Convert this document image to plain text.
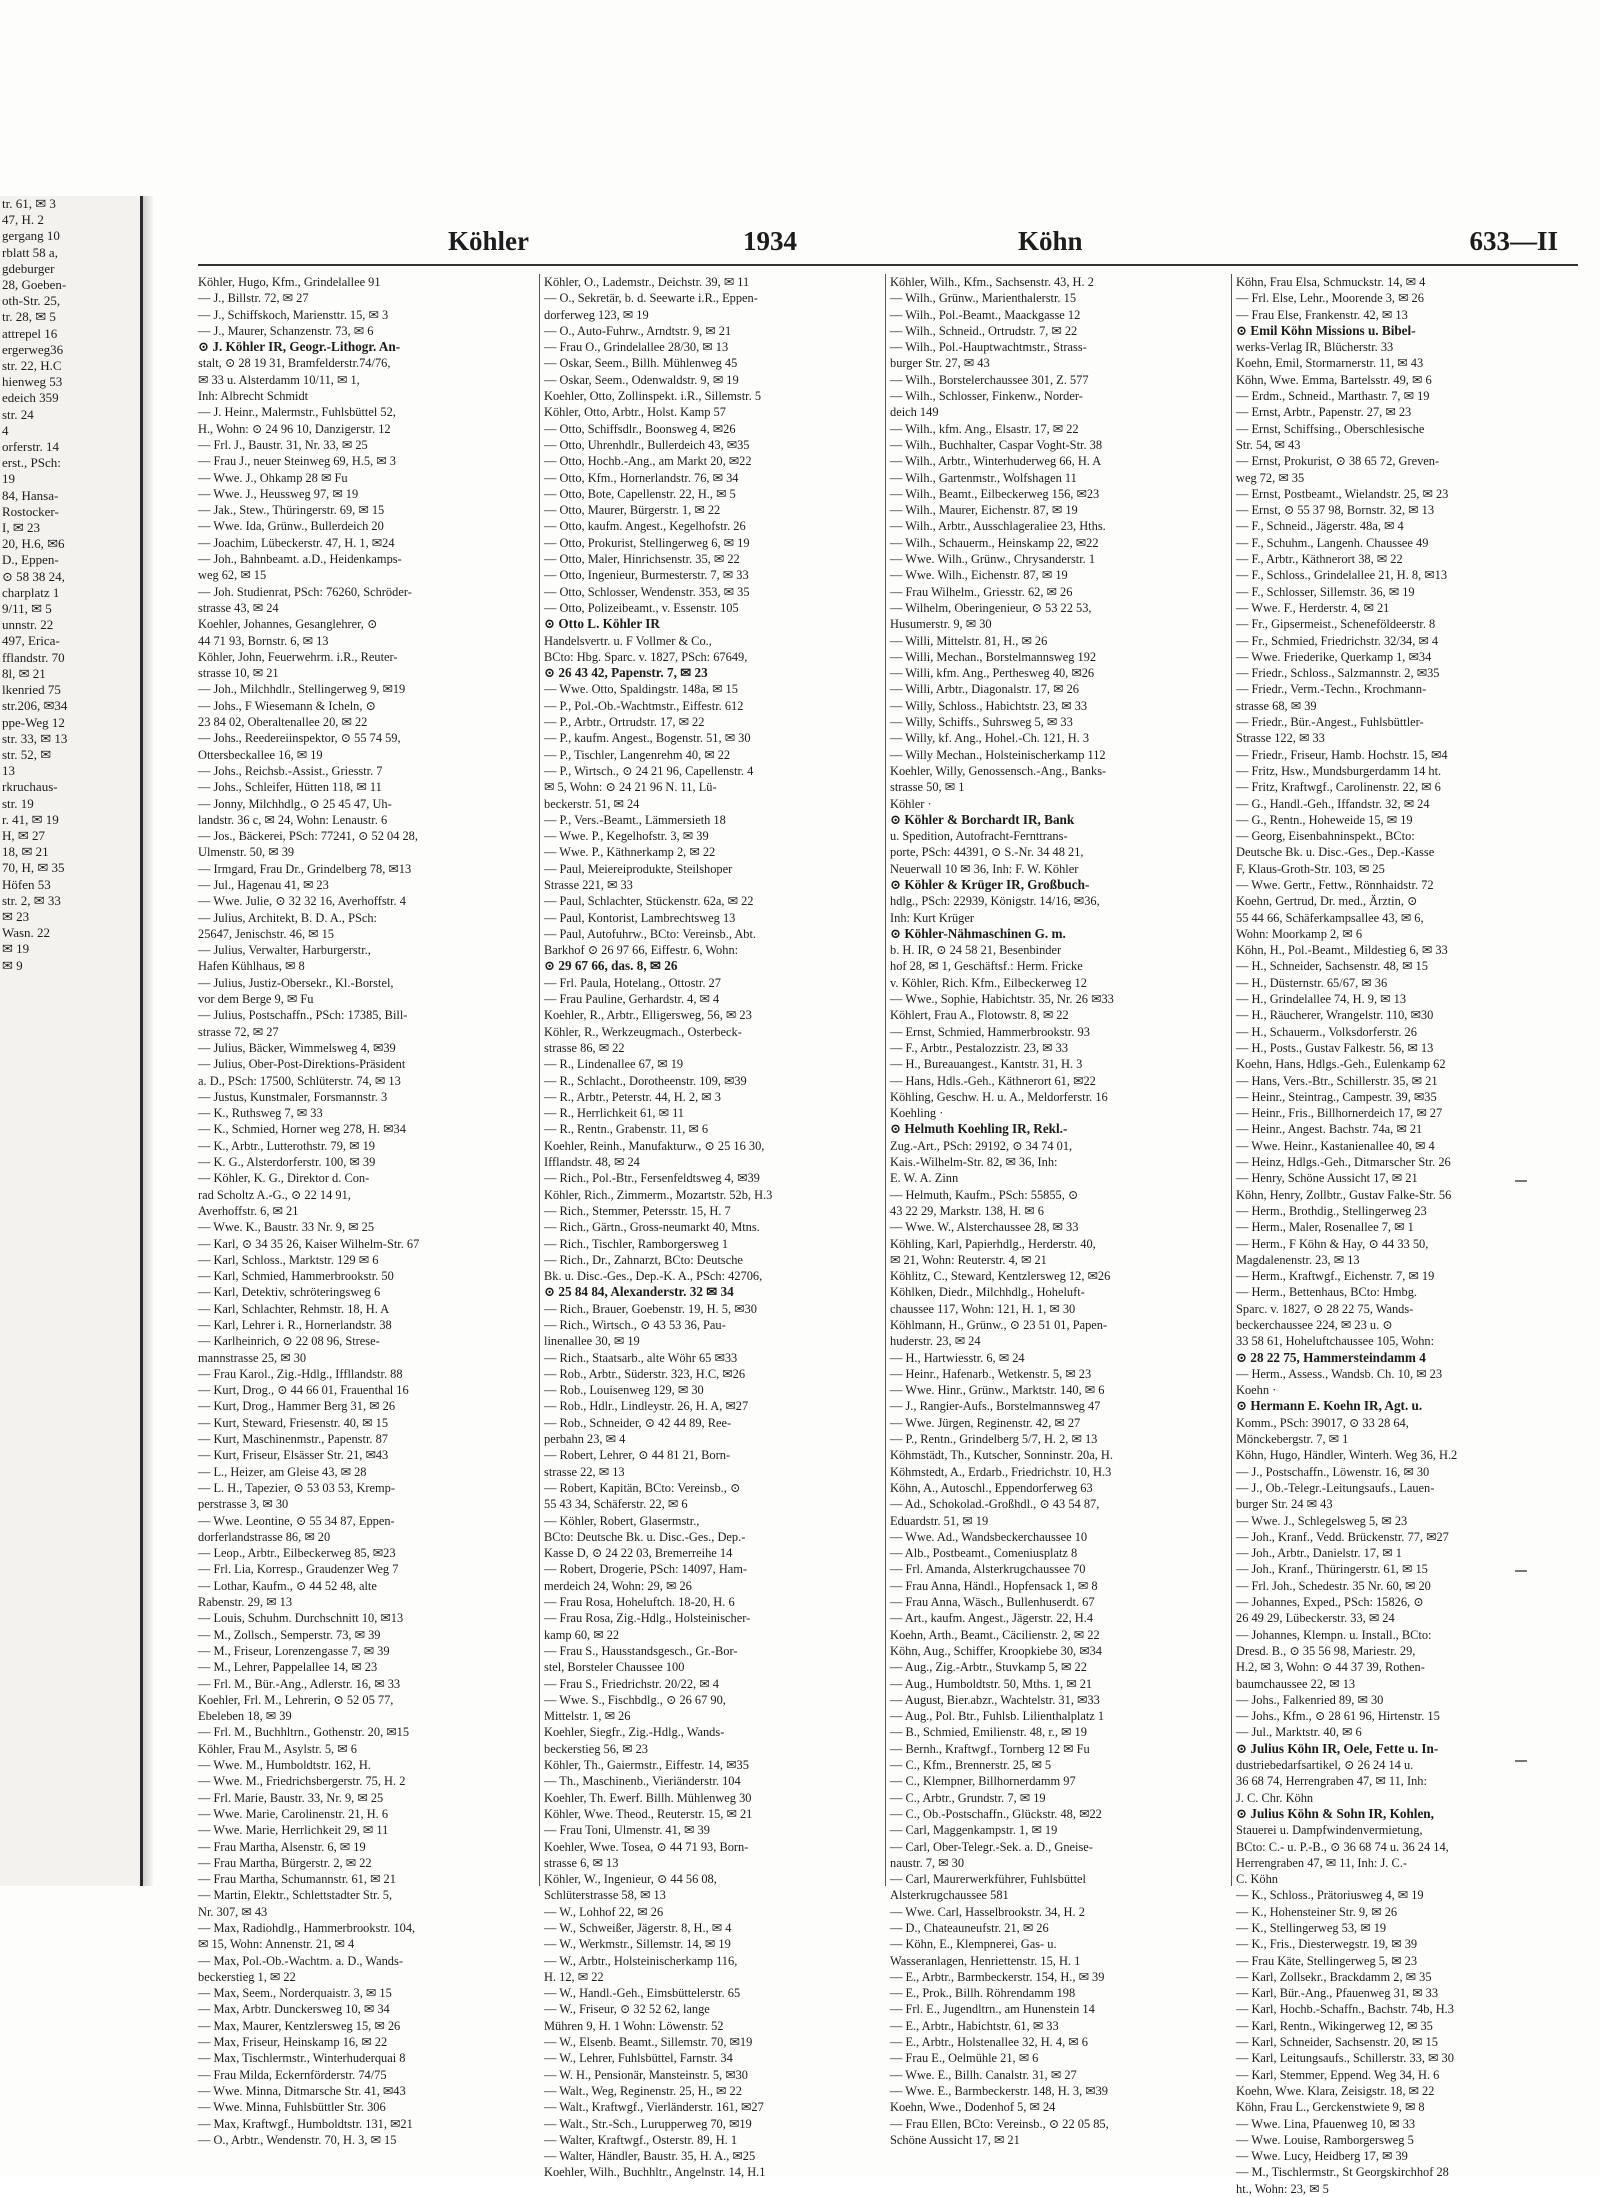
tr. 61, ✉ 3
47, H. 2
gergang 10
rblatt 58 a,
gdeburger
28, Goeben-
oth-Str. 25,
tr. 28, ✉ 5
attrepel 16
ergerweg36
str. 22, H.C
hienweg 53
edeich 359
str. 24
4
orferstr. 14
erst., PSch:
19
84, Hansa-
Rostocker-
I, ✉ 23
20, H.6, ✉6
D., Eppen-
⊙ 58 38 24,
charplatz 1
9/11, ✉ 5
unnstr. 22
497, Erica-
fflandstr. 70
8l, ✉ 21
lkenried 75
str.206, ✉34
ppe-Weg 12
str. 33, ✉ 13
str. 52, ✉
13
rkruchaus-
str. 19
r. 41, ✉ 19
H, ✉ 27
18, ✉ 21
70, H, ✉ 35
Höfen 53
str. 2, ✉ 33
✉ 23
Wasn. 22
✉ 19
✉ 9
Köhler	1934	Köhn	633—II
Köhler, Hugo, Kfm., Grindelallee 91
— J., Billstr. 72, ✉ 27
— J., Schiffskoch, Mariensttr. 15, ✉ 3
— J., Maurer, Schanzenstr. 73, ✉ 6
⊙ J. Köhler IR, Geogr.-Lithogr. An-
stalt, ⊙ 28 19 31, Bramfelderstr.74/76,
✉ 33 u. Alsterdamm 10/11, ✉ 1,
Inh: Albrecht Schmidt
— J. Heinr., Malermstr., Fuhlsbüttel 52,
H., Wohn: ⊙ 24 96 10, Danzigerstr. 12
— Frl. J., Baustr. 31, Nr. 33, ✉ 25
— Frau J., neuer Steinweg 69, H.5, ✉ 3
— Wwe. J., Ohkamp 28 ✉ Fu
— Wwe. J., Heussweg 97, ✉ 19
— Jak., Stew., Thüringerstr. 69, ✉ 15
— Wwe. Ida, Grünw., Bullerdeich 20
— Joachim, Lübeckerstr. 47, H. 1, ✉24
— Joh., Bahnbeamt. a.D., Heidenkamps-
weg 62, ✉ 15
— Joh. Studienrat, PSch: 76260, Schröder-
strasse 43, ✉ 24
Koehler, Johannes, Gesanglehrer, ⊙
44 71 93, Bornstr. 6, ✉ 13
Köhler, John, Feuerwehrm. i.R., Reuter-
strasse 10, ✉ 21
— Joh., Milchhdlr., Stellingerweg 9, ✉19
— Johs., F Wiesemann & Icheln, ⊙
23 84 02, Oberaltenallee 20, ✉ 22
— Johs., Reedereiinspektor, ⊙ 55 74 59,
Ottersbeckallee 16, ✉ 19
— Johs., Reichsb.-Assist., Griesstr. 7
— Johs., Schleifer, Hütten 118, ✉ 11
— Jonny, Milchhdlg., ⊙ 25 45 47, Uh-
landstr. 36 c, ✉ 24, Wohn: Lenaustr. 6
— Jos., Bäckerei, PSch: 77241, ⊙ 52 04 28,
Ulmenstr. 50, ✉ 39
— Irmgard, Frau Dr., Grindelberg 78, ✉13
— Jul., Hagenau 41, ✉ 23
— Wwe. Julie, ⊙ 32 32 16, Averhoffstr. 4
— Julius, Architekt, B. D. A., PSch:
25647, Jenischstr. 46, ✉ 15
— Julius, Verwalter, Harburgerstr.,
Hafen Kühlhaus, ✉ 8
— Julius, Justiz-Obersekr., Kl.-Borstel,
vor dem Berge 9, ✉ Fu
— Julius, Postschaffn., PSch: 17385, Bill-
strasse 72, ✉ 27
— Julius, Bäcker, Wimmelsweg 4, ✉39
— Julius, Ober-Post-Direktions-Präsident
a. D., PSch: 17500, Schlüterstr. 74, ✉ 13
— Justus, Kunstmaler, Forsmannstr. 3
— K., Ruthsweg 7, ✉ 33
— K., Schmied, Horner weg 278, H. ✉34
— K., Arbtr., Lutterothstr. 79, ✉ 19
— K. G., Alsterdorferstr. 100, ✉ 39
— Köhler, K. G., Direktor d. Con-
rad Scholtz A.-G., ⊙ 22 14 91,
Averhoffstr. 6, ✉ 21
— Wwe. K., Baustr. 33 Nr. 9, ✉ 25
— Karl, ⊙ 34 35 26, Kaiser Wilhelm-Str. 67
— Karl, Schloss., Marktstr. 129 ✉ 6
— Karl, Schmied, Hammerbrookstr. 50
— Karl, Detektiv, schröteringsweg 6
— Karl, Schlachter, Rehmstr. 18, H. A
— Karl, Lehrer i. R., Hornerlandstr. 38
— Karlheinrich, ⊙ 22 08 96, Strese-
mannstrasse 25, ✉ 30
— Frau Karol., Zig.-Hdlg., Iffllandstr. 88
— Kurt, Drog., ⊙ 44 66 01, Frauenthal 16
— Kurt, Drog., Hammer Berg 31, ✉ 26
— Kurt, Steward, Friesenstr. 40, ✉ 15
— Kurt, Maschinenmstr., Papenstr. 87
— Kurt, Friseur, Elsässer Str. 21, ✉43
— L., Heizer, am Gleise 43, ✉ 28
— L. H., Tapezier, ⊙ 53 03 53, Kremp-
perstrasse 3, ✉ 30
— Wwe. Leontine, ⊙ 55 34 87, Eppen-
dorferlandstrasse 86, ✉ 20
— Leop., Arbtr., Eilbeckerweg 85, ✉23
— Frl. Lia, Korresp., Graudenzer Weg 7
— Lothar, Kaufm., ⊙ 44 52 48, alte
Rabenstr. 29, ✉ 13
— Louis, Schuhm. Durchschnitt 10, ✉13
— M., Zollsch., Semperstr. 73, ✉ 39
— M., Friseur, Lorenzengasse 7, ✉ 39
— M., Lehrer, Pappelallee 14, ✉ 23
— Frl. M., Bür.-Ang., Adlerstr. 16, ✉ 33
Koehler, Frl. M., Lehrerin, ⊙ 52 05 77,
Ebeleben 18, ✉ 39
— Frl. M., Buchhltrn., Gothenstr. 20, ✉15
Köhler, Frau M., Asylstr. 5, ✉ 6
— Wwe. M., Humboldtstr. 162, H.
— Wwe. M., Friedrichsbergerstr. 75, H. 2
— Frl. Marie, Baustr. 33, Nr. 9, ✉ 25
— Wwe. Marie, Carolinenstr. 21, H. 6
— Wwe. Marie, Herrlichkeit 29, ✉ 11
— Frau Martha, Alsenstr. 6, ✉ 19
— Frau Martha, Bürgerstr. 2, ✉ 22
— Frau Martha, Schumannstr. 61, ✉ 21
— Martin, Elektr., Schlettstadter Str. 5,
Nr. 307, ✉ 43
— Max, Radiohdlg., Hammerbrookstr. 104,
✉ 15, Wohn: Annenstr. 21, ✉ 4
— Max, Pol.-Ob.-Wachtm. a. D., Wands-
beckerstieg 1, ✉ 22
— Max, Seem., Norderquaistr. 3, ✉ 15
— Max, Arbtr. Dunckersweg 10, ✉ 34
— Max, Maurer, Kentzlersweg 15, ✉ 26
— Max, Friseur, Heinskamp 16, ✉ 22
— Max, Tischlermstr., Winterhuderquai 8
— Frau Milda, Eckernförderstr. 74/75
— Wwe. Minna, Ditmarsche Str. 41, ✉43
— Wwe. Minna, Fuhlsbüttler Str. 306
— Max, Kraftwgf., Humboldtstr. 131, ✉21
— O., Arbtr., Wendenstr. 70, H. 3, ✉ 15
Köhler, O., Lademstr., Deichstr. 39, ✉ 11
— O., Sekretär, b. d. Seewarte i.R., Eppen-
dorferweg 123, ✉ 19
— O., Auto-Fuhrw., Arndtstr. 9, ✉ 21
— Frau O., Grindelallee 28/30, ✉ 13
— Oskar, Seem., Billh. Mühlenweg 45
— Oskar, Seem., Odenwaldstr. 9, ✉ 19
Koehler, Otto, Zollinspekt. i.R., Sillemstr. 5
Köhler, Otto, Arbtr., Holst. Kamp 57
— Otto, Schiffsdlr., Boonsweg 4, ✉26
— Otto, Uhrenhdlr., Bullerdeich 43, ✉35
— Otto, Hochb.-Ang., am Markt 20, ✉22
— Otto, Kfm., Hornerlandstr. 76, ✉ 34
— Otto, Bote, Capellenstr. 22, H., ✉ 5
— Otto, Maurer, Bürgerstr. 1, ✉ 22
— Otto, kaufm. Angest., Kegelhofstr. 26
— Otto, Prokurist, Stellingerweg 6, ✉ 19
— Otto, Maler, Hinrichsenstr. 35, ✉ 22
— Otto, Ingenieur, Burmesterstr. 7, ✉ 33
— Otto, Schlosser, Wendenstr. 353, ✉ 35
— Otto, Polizeibeamt., v. Essenstr. 105
⊙ Otto L. Köhler IR
Handelsvertr. u. F Vollmer & Co.,
BCto: Hbg. Sparc. v. 1827, PSch: 67649,
⊙ 26 43 42, Papenstr. 7, ✉ 23
— Wwe. Otto, Spaldingstr. 148a, ✉ 15
— P., Pol.-Ob.-Wachtmstr., Eiffestr. 612
— P., Arbtr., Ortrudstr. 17, ✉ 22
— P., kaufm. Angest., Bogenstr. 51, ✉ 30
— P., Tischler, Langenrehm 40, ✉ 22
— P., Wirtsch., ⊙ 24 21 96, Capellenstr. 4
✉ 5, Wohn: ⊙ 24 21 96 N. 11, Lü-
beckerstr. 51, ✉ 24
— P., Vers.-Beamt., Lämmersieth 18
— Wwe. P., Kegelhofstr. 3, ✉ 39
— Wwe. P., Käthnerkamp 2, ✉ 22
— Paul, Meiereiprodukte, Steilshoper
Strasse 221, ✉ 33
— Paul, Schlachter, Stückenstr. 62a, ✉ 22
— Paul, Kontorist, Lambrechtsweg 13
— Paul, Autofuhrw., BCto: Vereinsb., Abt.
Barkhof ⊙ 26 97 66, Eiffestr. 6, Wohn:
⊙ 29 67 66, das. 8, ✉ 26
— Frl. Paula, Hotelang., Ottostr. 27
— Frau Pauline, Gerhardstr. 4, ✉ 4
Koehler, R., Arbtr., Elligersweg, 56, ✉ 23
Köhler, R., Werkzeugmach., Osterbeck-
strasse 86, ✉ 22
— R., Lindenallee 67, ✉ 19
— R., Schlacht., Dorotheenstr. 109, ✉39
— R., Arbtr., Peterstr. 44, H. 2, ✉ 3
— R., Herrlichkeit 61, ✉ 11
— R., Rentn., Grabenstr. 11, ✉ 6
Koehler, Reinh., Manufakturw., ⊙ 25 16 30,
Ifflandstr. 48, ✉ 24
— Rich., Pol.-Btr., Fersenfeldtsweg 4, ✉39
Köhler, Rich., Zimmerm., Mozartstr. 52b, H.3
— Rich., Stemmer, Petersstr. 15, H. 7
— Rich., Gärtn., Gross-neumarkt 40, Mtns.
— Rich., Tischler, Ramborgersweg 1
— Rich., Dr., Zahnarzt, BCto: Deutsche
Bk. u. Disc.-Ges., Dep.-K. A., PSch: 42706,
⊙ 25 84 84, Alexanderstr. 32 ✉ 34
— Rich., Brauer, Goebenstr. 19, H. 5, ✉30
— Rich., Wirtsch., ⊙ 43 53 36, Pau-
linenallee 30, ✉ 19
— Rich., Staatsarb., alte Wöhr 65 ✉33
— Rob., Arbtr., Süderstr. 323, H.C, ✉26
— Rob., Louisenweg 129, ✉ 30
— Rob., Hdlr., Lindleystr. 26, H. A, ✉27
— Rob., Schneider, ⊙ 42 44 89, Ree-
perbahn 23, ✉ 4
— Robert, Lehrer, ⊙ 44 81 21, Born-
strasse 22, ✉ 13
— Robert, Kapitän, BCto: Vereinsb., ⊙
55 43 34, Schäferstr. 22, ✉ 6
— Köhler, Robert, Glasermstr.,
BCto: Deutsche Bk. u. Disc.-Ges., Dep.-
Kasse D, ⊙ 24 22 03, Bremerreihe 14
— Robert, Drogerie, PSch: 14097, Ham-
merdeich 24, Wohn: 29, ✉ 26
— Frau Rosa, Hoheluftch. 18-20, H. 6
— Frau Rosa, Zig.-Hdlg., Holsteinischer-
kamp 60, ✉ 22
— Frau S., Hausstandsgesch., Gr.-Bor-
stel, Borsteler Chaussee 100
— Frau S., Friedrichstr. 20/22, ✉ 4
— Wwe. S., Fischbdlg., ⊙ 26 67 90,
Mittelstr. 1, ✉ 26
Koehler, Siegfr., Zig.-Hdlg., Wands-
beckerstieg 56, ✉ 23
Köhler, Th., Gaiermstr., Eiffestr. 14, ✉35
— Th., Maschinenb., Vieriänderstr. 104
Koehler, Th. Ewerf. Billh. Mühlenweg 30
Köhler, Wwe. Theod., Reuterstr. 15, ✉ 21
— Frau Toni, Ulmenstr. 41, ✉ 39
Koehler, Wwe. Tosea, ⊙ 44 71 93, Born-
strasse 6, ✉ 13
Köhler, W., Ingenieur, ⊙ 44 56 08,
Schlüterstrasse 58, ✉ 13
— W., Lohhof 22, ✉ 26
— W., Schweißer, Jägerstr. 8, H., ✉ 4
— W., Werkmstr., Sillemstr. 14, ✉ 19
— W., Arbtr., Holsteinischerkamp 116,
H. 12, ✉ 22
— W., Handl.-Geh., Eimsbüttelerstr. 65
— W., Friseur, ⊙ 32 52 62, lange
Mühren 9, H. 1 Wohn: Löwenstr. 52
— W., Elsenb. Beamt., Sillemstr. 70, ✉19
— W., Lehrer, Fuhlsbüttel, Farnstr. 34
— W. H., Pensionär, Mansteinstr. 5, ✉30
— Walt., Weg, Reginenstr. 25, H., ✉ 22
— Walt., Kraftwgf., Vierländerstr. 161, ✉27
— Walt., Str.-Sch., Lurupperweg 70, ✉19
— Walter, Kraftwgf., Osterstr. 89, H. 1
— Walter, Händler, Baustr. 35, H. A., ✉25
Koehler, Wilh., Buchhltr., Angelnstr. 14, H.1
Köhler, Wilh., Kfm., Sachsenstr. 43, H. 2
— Wilh., Grünw., Marienthalerstr. 15
— Wilh., Pol.-Beamt., Maackgasse 12
— Wilh., Schneid., Ortrudstr. 7, ✉ 22
— Wilh., Pol.-Hauptwachtmstr., Strass-
burger Str. 27, ✉ 43
— Wilh., Borstelerchaussee 301, Z. 577
— Wilh., Schlosser, Finkenw., Norder-
deich 149
— Wilh., kfm. Ang., Elsastr. 17, ✉ 22
— Wilh., Buchhalter, Caspar Voght-Str. 38
— Wilh., Arbtr., Winterhuderweg 66, H. A
— Wilh., Gartenmstr., Wolfshagen 11
— Wilh., Beamt., Eilbeckerweg 156, ✉23
— Wilh., Maurer, Eichenstr. 87, ✉ 19
— Wilh., Arbtr., Ausschlageraliee 23, Hths.
— Wilh., Schauerm., Heinskamp 22, ✉22
— Wwe. Wilh., Grünw., Chrysanderstr. 1
— Wwe. Wilh., Eichenstr. 87, ✉ 19
— Frau Wilhelm., Griesstr. 62, ✉ 26
— Wilhelm, Oberingenieur, ⊙ 53 22 53,
Husumerstr. 9, ✉ 30
— Willi, Mittelstr. 81, H., ✉ 26
— Willi, Mechan., Borstelmannsweg 192
— Willi, kfm. Ang., Perthesweg 40, ✉26
— Willi, Arbtr., Diagonalstr. 17, ✉ 26
— Willy, Schloss., Habichtstr. 23, ✉ 33
— Willy, Schiffs., Suhrsweg 5, ✉ 33
— Willy, kf. Ang., Hohel.-Ch. 121, H. 3
— Willy Mechan., Holsteinischerkamp 112
Koehler, Willy, Genossensch.-Ang., Banks-
strasse 50, ✉ 1
Köhler ·
⊙ Köhler & Borchardt IR, Bank
u. Spedition, Autofracht-Fernttrans-
porte, PSch: 44391, ⊙ S.-Nr. 34 48 21,
Neuerwall 10 ✉ 36, Inh: F. W. Köhler
⊙ Köhler & Krüger IR, Großbuch-
hdlg., PSch: 22939, Königstr. 14/16, ✉36,
Inh: Kurt Krüger
⊙ Köhler-Nähmaschinen G. m.
b. H. IR, ⊙ 24 58 21, Besenbinder
hof 28, ✉ 1, Geschäftsf.: Herm. Fricke
v. Köhler, Rich. Kfm., Eilbeckerweg 12
— Wwe., Sophie, Habichtstr. 35, Nr. 26 ✉33
Köhlert, Frau A., Flotowstr. 8, ✉ 22
— Ernst, Schmied, Hammerbrookstr. 93
— F., Arbtr., Pestalozzistr. 23, ✉ 33
— H., Bureauangest., Kantstr. 31, H. 3
— Hans, Hdls.-Geh., Käthnerort 61, ✉22
Köhling, Geschw. H. u. A., Meldorferstr. 16
Koehling ·
⊙ Helmuth Koehling IR, Rekl.-
Zug.-Art., PSch: 29192, ⊙ 34 74 01,
Kais.-Wilhelm-Str. 82, ✉ 36, Inh:
E. W. A. Zinn
— Helmuth, Kaufm., PSch: 55855, ⊙
43 22 29, Markstr. 138, H. ✉ 6
— Wwe. W., Alsterchaussee 28, ✉ 33
Köhling, Karl, Papierhdlg., Herderstr. 40,
✉ 21, Wohn: Reuterstr. 4, ✉ 21
Köhlitz, C., Steward, Kentzlersweg 12, ✉26
Köhlken, Diedr., Milchhdlg., Hoheluft-
chaussee 117, Wohn: 121, H. 1, ✉ 30
Köhlmann, H., Grünw., ⊙ 23 51 01, Papen-
huderstr. 23, ✉ 24
— H., Hartwiesstr. 6, ✉ 24
— Heinr., Hafenarb., Wetkenstr. 5, ✉ 23
— Wwe. Hinr., Grünw., Marktstr. 140, ✉ 6
— J., Rangier-Aufs., Borstelmannsweg 47
— Wwe. Jürgen, Reginenstr. 42, ✉ 27
— P., Rentn., Grindelberg 5/7, H. 2, ✉ 13
Köhmstädt, Th., Kutscher, Sonninstr. 20a, H.
Köhmstedt, A., Erdarb., Friedrichstr. 10, H.3
Köhn, A., Autoschl., Eppendorferweg 63
— Ad., Schokolad.-Großhdl., ⊙ 43 54 87,
Eduardstr. 51, ✉ 19
— Wwe. Ad., Wandsbeckerchaussee 10
— Alb., Postbeamt., Comeniusplatz 8
— Frl. Amanda, Alsterkrugchaussee 70
— Frau Anna, Händl., Hopfensack 1, ✉ 8
— Frau Anna, Wäsch., Bullenhuserdt. 67
— Art., kaufm. Angest., Jägerstr. 22, H.4
Koehn, Arth., Beamt., Cäcilienstr. 2, ✉ 22
Köhn, Aug., Schiffer, Kroopkiebe 30, ✉34
— Aug., Zig.-Arbtr., Stuvkamp 5, ✉ 22
— Aug., Humboldtstr. 50, Mths. 1, ✉ 21
— August, Bier.abzr., Wachtelstr. 31, ✉33
— Aug., Pol. Btr., Fuhlsb. Lilienthalplatz 1
— B., Schmied, Emilienstr. 48, r., ✉ 19
— Bernh., Kraftwgf., Tornberg 12 ✉ Fu
— C., Kfm., Brennerstr. 25, ✉ 5
— C., Klempner, Billhornerdamm 97
— C., Arbtr., Grundstr. 7, ✉ 19
— C., Ob.-Postschaffn., Glückstr. 48, ✉22
— Carl, Maggenkampstr. 1, ✉ 19
— Carl, Ober-Telegr.-Sek. a. D., Gneise-
naustr. 7, ✉ 30
— Carl, Maurerwerkführer, Fuhlsbüttel
Alsterkrugchaussee 581
— Wwe. Carl, Hasselbrookstr. 34, H. 2
— D., Chateauneufstr. 21, ✉ 26
— Köhn, E., Klempnerei, Gas- u.
Wasseranlagen, Henriettenstr. 15, H. 1
— E., Arbtr., Barmbeckerstr. 154, H., ✉ 39
— E., Prok., Billh. Röhrendamm 198
— Frl. E., Jugendltrn., am Hunenstein 14
— E., Arbtr., Habichtstr. 61, ✉ 33
— E., Arbtr., Holstenallee 32, H. 4, ✉ 6
— Frau E., Oelmühle 21, ✉ 6
— Wwe. E., Billh. Canalstr. 31, ✉ 27
— Wwe. E., Barmbeckerstr. 148, H. 3, ✉39
Koehn, Wwe., Dodenhof 5, ✉ 24
— Frau Ellen, BCto: Vereinsb., ⊙ 22 05 85,
Schöne Aussicht 17, ✉ 21
Köhn, Frau Elsa, Schmuckstr. 14, ✉ 4
— Frl. Else, Lehr., Moorende 3, ✉ 26
— Frau Else, Frankenstr. 42, ✉ 13
⊙ Emil Köhn Missions u. Bibel-
werks-Verlag IR, Blücherstr. 33
Koehn, Emil, Stormarnerstr. 11, ✉ 43
Köhn, Wwe. Emma, Bartelsstr. 49, ✉ 6
— Erdm., Schneid., Marthastr. 7, ✉ 19
— Ernst, Arbtr., Papenstr. 27, ✉ 23
— Ernst, Schiffsing., Oberschlesische
Str. 54, ✉ 43
— Ernst, Prokurist, ⊙ 38 65 72, Greven-
weg 72, ✉ 35
— Ernst, Postbeamt., Wielandstr. 25, ✉ 23
— Ernst, ⊙ 55 37 98, Bornstr. 32, ✉ 13
— F., Schneid., Jägerstr. 48a, ✉ 4
— F., Schuhm., Langenh. Chaussee 49
— F., Arbtr., Käthnerort 38, ✉ 22
— F., Schloss., Grindelallee 21, H. 8, ✉13
— F., Schlosser, Sillemstr. 36, ✉ 19
— Wwe. F., Herderstr. 4, ✉ 21
— Fr., Gipsermeist., Scheneföldeerstr. 8
— Fr., Schmied, Friedrichstr. 32/34, ✉ 4
— Wwe. Friederike, Querkamp 1, ✉34
— Friedr., Schloss., Salzmannstr. 2, ✉35
— Friedr., Verm.-Techn., Krochmann-
strasse 68, ✉ 39
— Friedr., Bür.-Angest., Fuhlsbüttler-
Strasse 122, ✉ 33
— Friedr., Friseur, Hamb. Hochstr. 15, ✉4
— Fritz, Hsw., Mundsburgerdamm 14 ht.
— Fritz, Kraftwgf., Carolinenstr. 22, ✉ 6
— G., Handl.-Geh., Iffandstr. 32, ✉ 24
— G., Rentn., Hoheweide 15, ✉ 19
— Georg, Eisenbahninspekt., BCto:
Deutsche Bk. u. Disc.-Ges., Dep.-Kasse
F, Klaus-Groth-Str. 103, ✉ 25
— Wwe. Gertr., Fettw., Rönnhaidstr. 72
Koehn, Gertrud, Dr. med., Ärztin, ⊙
55 44 66, Schäferkampsallee 43, ✉ 6,
Wohn: Moorkamp 2, ✉ 6
Köhn, H., Pol.-Beamt., Mildestieg 6, ✉ 33
— H., Schneider, Sachsenstr. 48, ✉ 15
— H., Düsternstr. 65/67, ✉ 36
— H., Grindelallee 74, H. 9, ✉ 13
— H., Räucherer, Wrangelstr. 110, ✉30
— H., Schauerm., Volksdorferstr. 26
— H., Posts., Gustav Falkestr. 56, ✉ 13
Koehn, Hans, Hdlgs.-Geh., Eulenkamp 62
— Hans, Vers.-Btr., Schillerstr. 35, ✉ 21
— Heinr., Steintrag., Campestr. 39, ✉35
— Heinr., Fris., Billhornerdeich 17, ✉ 27
— Heinr., Angest. Bachstr. 74a, ✉ 21
— Wwe. Heinr., Kastanienallee 40, ✉ 4
— Heinz, Hdlgs.-Geh., Ditmarscher Str. 26
— Henry, Schöne Aussicht 17, ✉ 21
Köhn, Henry, Zollbtr., Gustav Falke-Str. 56
— Herm., Brothdig., Stellingerweg 23
— Herm., Maler, Rosenallee 7, ✉ 1
— Herm., F Köhn & Hay, ⊙ 44 33 50,
Magdalenenstr. 23, ✉ 13
— Herm., Kraftwgf., Eichenstr. 7, ✉ 19
— Herm., Bettenhaus, BCto: Hmbg.
Sparc. v. 1827, ⊙ 28 22 75, Wands-
beckerchaussee 224, ✉ 23 u. ⊙
33 58 61, Hoheluftchaussee 105, Wohn:
⊙ 28 22 75, Hammersteindamm 4
— Herm., Assess., Wandsb. Ch. 10, ✉ 23
Koehn ·
⊙ Hermann E. Koehn IR, Agt. u.
Komm., PSch: 39017, ⊙ 33 28 64,
Mönckebergstr. 7, ✉ 1
Köhn, Hugo, Händler, Winterh. Weg 36, H.2
— J., Postschaffn., Löwenstr. 16, ✉ 30
— J., Ob.-Telegr.-Leitungsaufs., Lauen-
burger Str. 24 ✉ 43
— Wwe. J., Schlegelsweg 5, ✉ 23
— Joh., Kranf., Vedd. Brückenstr. 77, ✉27
— Joh., Arbtr., Danielstr. 17, ✉ 1
— Joh., Kranf., Thüringerstr. 61, ✉ 15
— Frl. Joh., Schedestr. 35 Nr. 60, ✉ 20
— Johannes, Exped., PSch: 15826, ⊙
26 49 29, Lübeckerstr. 33, ✉ 24
— Johannes, Klempn. u. Install., BCto:
Dresd. B., ⊙ 35 56 98, Mariestr. 29,
H.2, ✉ 3, Wohn: ⊙ 44 37 39, Rothen-
baumchaussee 22, ✉ 13
— Johs., Falkenried 89, ✉ 30
— Johs., Kfm., ⊙ 28 61 96, Hirtenstr. 15
— Jul., Marktstr. 40, ✉ 6
⊙ Julius Köhn IR, Oele, Fette u. In-
dustriebedarfsartikel, ⊙ 26 24 14 u.
36 68 74, Herrengraben 47, ✉ 11, Inh:
J. C. Chr. Köhn
⊙ Julius Köhn & Sohn IR, Kohlen,
Stauerei u. Dampfwindenvermietung,
BCto: C.- u. P.-B., ⊙ 36 68 74 u. 36 24 14,
Herrengraben 47, ✉ 11, Inh: J. C.-
C. Köhn
— K., Schloss., Prätoriusweg 4, ✉ 19
— K., Hohensteiner Str. 9, ✉ 26
— K., Stellingerweg 53, ✉ 19
— K., Fris., Diesterwegstr. 19, ✉ 39
— Frau Käte, Stellingerweg 5, ✉ 23
— Karl, Zollsekr., Brackdamm 2, ✉ 35
— Karl, Bür.-Ang., Pfauenweg 31, ✉ 33
— Karl, Hochb.-Schaffn., Bachstr. 74b, H.3
— Karl, Rentn., Wikingerweg 12, ✉ 35
— Karl, Schneider, Sachsenstr. 20, ✉ 15
— Karl, Leitungsaufs., Schillerstr. 33, ✉ 30
— Karl, Stemmer, Eppend. Weg 34, H. 6
Koehn, Wwe. Klara, Zeisigstr. 18, ✉ 22
Köhn, Frau L., Gerckenstwiete 9, ✉ 8
— Wwe. Lina, Pfauenweg 10, ✉ 33
— Wwe. Louise, Ramborgersweg 5
— Wwe. Lucy, Heidberg 17, ✉ 39
— M., Tischlermstr., St Georgskirchhof 28
ht., Wohn: 23, ✉ 5
